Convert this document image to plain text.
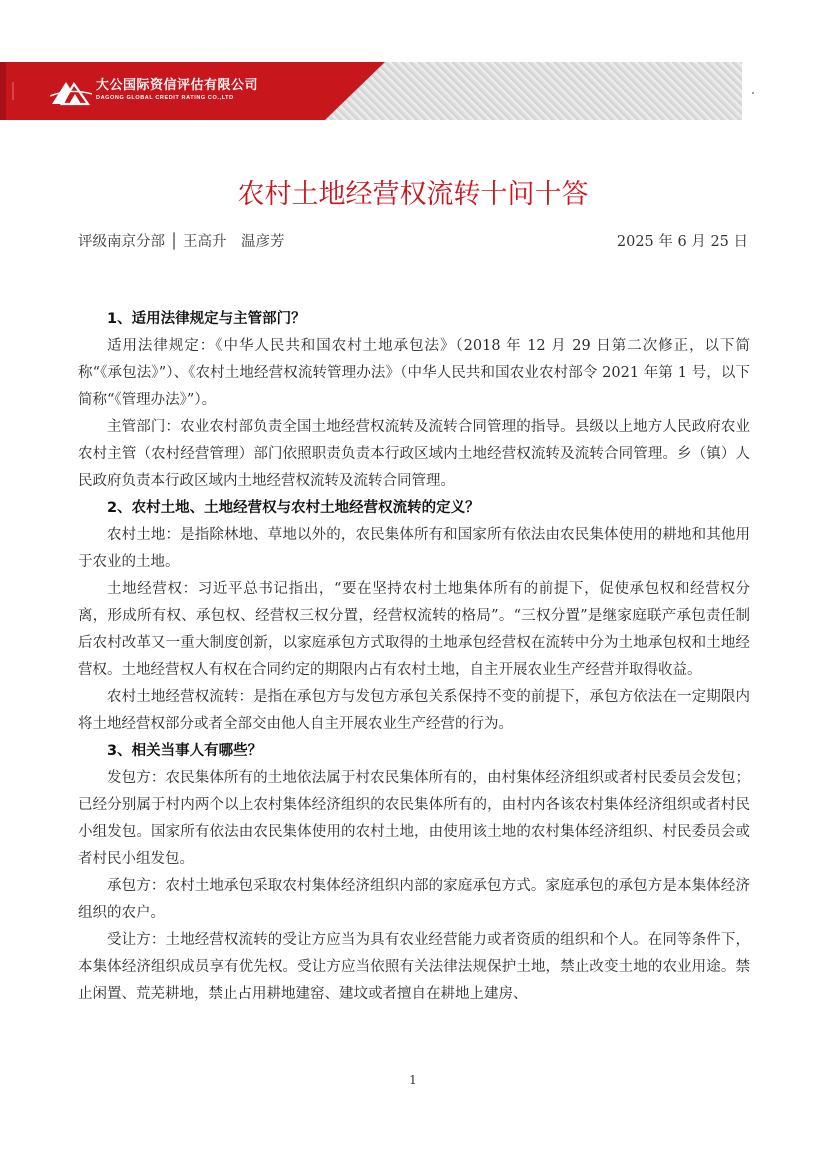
大公国际资信评估有限公司
DAGONG GLOBAL CREDIT RATING CO.,LTD
农村土地经营权流转十问十答
评级南京分部 │ 王高升　温彦芳	2025 年 6 月 25 日
1、适用法律规定与主管部门？

适用法律规定：《中华人民共和国农村土地承包法》（2018 年 12 月 29 日第二次修正，以下简称“《承包法》”）、《农村土地经营权流转管理办法》（中华人民共和国农业农村部令 2021 年第 1 号，以下简称“《管理办法》”）。

主管部门：农业农村部负责全国土地经营权流转及流转合同管理的指导。县级以上地方人民政府农业农村主管（农村经营管理）部门依照职责负责本行政区域内土地经营权流转及流转合同管理。乡（镇）人民政府负责本行政区域内土地经营权流转及流转合同管理。

2、农村土地、土地经营权与农村土地经营权流转的定义？

农村土地：是指除林地、草地以外的，农民集体所有和国家所有依法由农民集体使用的耕地和其他用于农业的土地。

土地经营权：习近平总书记指出，“要在坚持农村土地集体所有的前提下，促使承包权和经营权分离，形成所有权、承包权、经营权三权分置，经营权流转的格局”。“三权分置”是继家庭联产承包责任制后农村改革又一重大制度创新，以家庭承包方式取得的土地承包经营权在流转中分为土地承包权和土地经营权。土地经营权人有权在合同约定的期限内占有农村土地，自主开展农业生产经营并取得收益。

农村土地经营权流转：是指在承包方与发包方承包关系保持不变的前提下，承包方依法在一定期限内将土地经营权部分或者全部交由他人自主开展农业生产经营的行为。

3、相关当事人有哪些？

发包方：农民集体所有的土地依法属于村农民集体所有的，由村集体经济组织或者村民委员会发包；已经分别属于村内两个以上农村集体经济组织的农民集体所有的，由村内各该农村集体经济组织或者村民小组发包。国家所有依法由农民集体使用的农村土地，由使用该土地的农村集体经济组织、村民委员会或者村民小组发包。

承包方：农村土地承包采取农村集体经济组织内部的家庭承包方式。家庭承包的承包方是本集体经济组织的农户。

受让方：土地经营权流转的受让方应当为具有农业经营能力或者资质的组织和个人。在同等条件下，本集体经济组织成员享有优先权。受让方应当依照有关法律法规保护土地，禁止改变土地的农业用途。禁止闲置、荒芜耕地，禁止占用耕地建窑、建坟或者擅自在耕地上建房、

1
